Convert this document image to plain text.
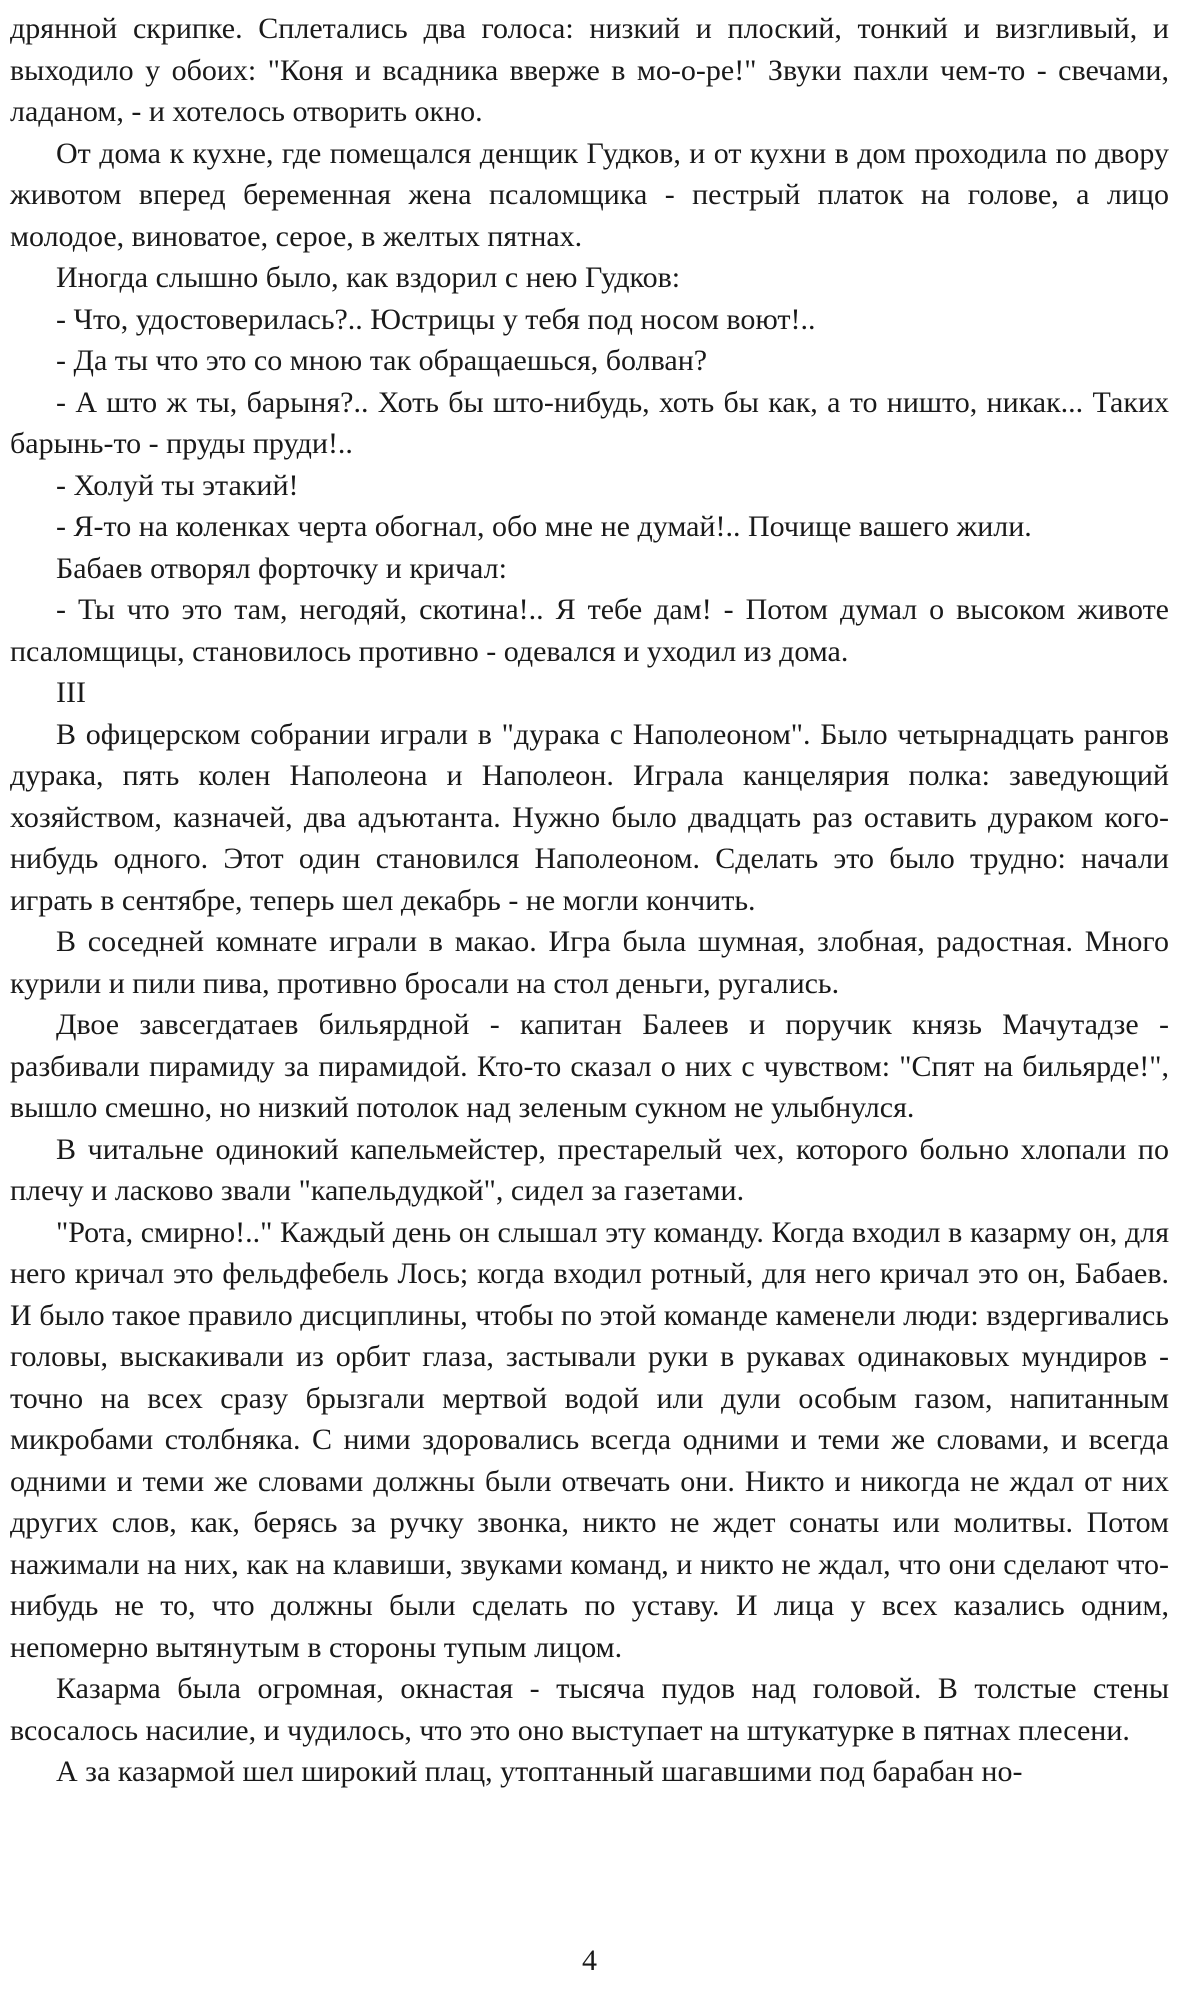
дрянной скрипке. Сплетались два голоса: низкий и плоский, тонкий и визгливый, и выходило у обоих: "Коня и всадника вверже в мо-о-ре!" Звуки пахли чем-то - свечами, ладаном, - и хотелось отворить окно.

От дома к кухне, где помещался денщик Гудков, и от кухни в дом проходила по двору животом вперед беременная жена псаломщика - пестрый платок на голове, а лицо молодое, виноватое, серое, в желтых пятнах.

Иногда слышно было, как вздорил с нею Гудков:

- Что, удостоверилась?.. Юстрицы у тебя под носом воют!..

- Да ты что это со мною так обращаешься, болван?

- А што ж ты, барыня?.. Хоть бы што-нибудь, хоть бы как, а то ништо, никак... Таких барынь-то - пруды пруди!..

- Холуй ты этакий!

- Я-то на коленках черта обогнал, обо мне не думай!.. Почище вашего жили.

Бабаев отворял форточку и кричал:

- Ты что это там, негодяй, скотина!.. Я тебе дам! - Потом думал о высоком животе псаломщицы, становилось противно - одевался и уходил из дома.

III

В офицерском собрании играли в "дурака с Наполеоном". Было четырнадцать рангов дурака, пять колен Наполеона и Наполеон. Играла канцелярия полка: заведующий хозяйством, казначей, два адъютанта. Нужно было двадцать раз оставить дураком кого-нибудь одного. Этот один становился Наполеоном. Сделать это было трудно: начали играть в сентябре, теперь шел декабрь - не могли кончить.

В соседней комнате играли в макао. Игра была шумная, злобная, радостная. Много курили и пили пива, противно бросали на стол деньги, ругались.

Двое завсегдатаев бильярдной - капитан Балеев и поручик князь Мачутадзе - разбивали пирамиду за пирамидой. Кто-то сказал о них с чувством: "Спят на бильярде!", вышло смешно, но низкий потолок над зеленым сукном не улыбнулся.

В читальне одинокий капельмейстер, престарелый чех, которого больно хлопали по плечу и ласково звали "капельдудкой", сидел за газетами.

"Рота, смирно!.." Каждый день он слышал эту команду. Когда входил в казарму он, для него кричал это фельдфебель Лось; когда входил ротный, для него кричал это он, Бабаев. И было такое правило дисциплины, чтобы по этой команде каменели люди: вздергивались головы, выскакивали из орбит глаза, застывали руки в рукавах одинаковых мундиров - точно на всех сразу брызгали мертвой водой или дули особым газом, напитанным микробами столбняка. С ними здоровались всегда одними и теми же словами, и всегда одними и теми же словами должны были отвечать они. Никто и никогда не ждал от них других слов, как, берясь за ручку звонка, никто не ждет сонаты или молитвы. Потом нажимали на них, как на клавиши, звуками команд, и никто не ждал, что они сделают что-нибудь не то, что должны были сделать по уставу. И лица у всех казались одним, непомерно вытянутым в стороны тупым лицом.

Казарма была огромная, окнастая - тысяча пудов над головой. В толстые стены всосалось насилие, и чудилось, что это оно выступает на штукатурке в пятнах плесени.

А за казармой шел широкий плац, утоптанный шагавшими под барабан но-

4
